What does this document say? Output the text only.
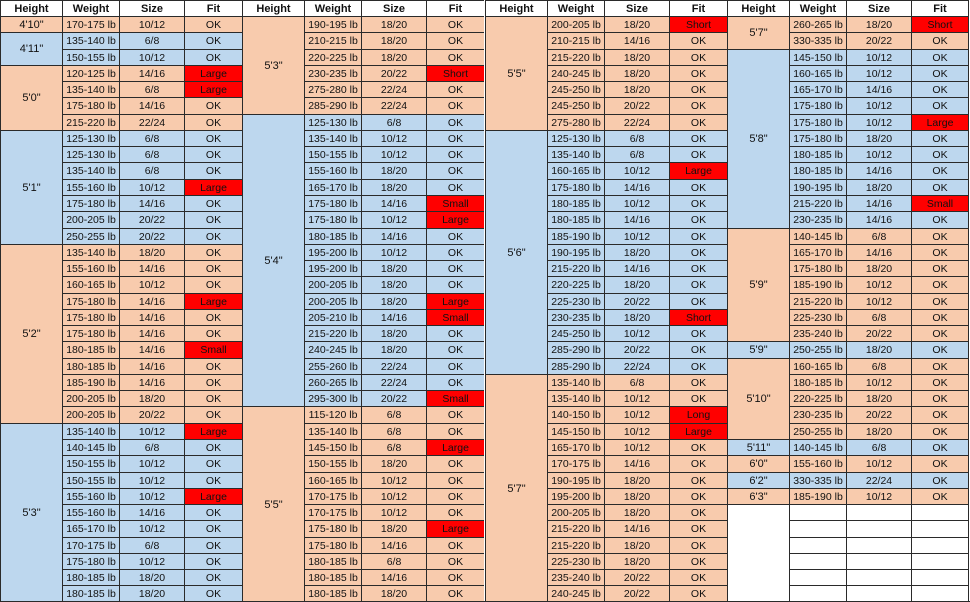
Height	Weight	Size	Fit
4'10"	170-175 lb	10/12	OK
4'11"
135-140 lb	6/8	OK
150-155 lb	10/12	OK
5'0"
120-125 lb	14/16	Large
135-140 lb	6/8	Large
175-180 lb	14/16	OK
215-220 lb	22/24	OK
5'1"
125-130 lb	6/8	OK
125-130 lb	6/8	OK
135-140 lb	6/8	OK
155-160 lb	10/12	Large
175-180 lb	14/16	OK
200-205 lb	20/22	OK
250-255 lb	20/22	OK
5'2"
135-140 lb	18/20	OK
155-160 lb	14/16	OK
160-165 lb	10/12	OK
175-180 lb	14/16	Large
175-180 lb	14/16	OK
175-180 lb	14/16	OK
180-185 lb	14/16	Small
180-185 lb	14/16	OK
185-190 lb	14/16	OK
200-205 lb	18/20	OK
200-205 lb	20/22	OK
5'3"
135-140 lb	10/12	Large
140-145 lb	6/8	OK
150-155 lb	10/12	OK
150-155 lb	10/12	OK
155-160 lb	10/12	Large
155-160 lb	14/16	OK
165-170 lb	10/12	OK
170-175 lb	6/8	OK
175-180 lb	10/12	OK
180-185 lb	18/20	OK
180-185 lb	18/20	OK
Height	Weight	Size	Fit
5'3"
190-195 lb	18/20	OK
210-215 lb	18/20	OK
220-225 lb	18/20	OK
230-235 lb	20/22	Short
275-280 lb	22/24	OK
285-290 lb	22/24	OK
5'4"
125-130 lb	6/8	OK
135-140 lb	10/12	OK
150-155 lb	10/12	OK
155-160 lb	18/20	OK
165-170 lb	18/20	OK
175-180 lb	14/16	Small
175-180 lb	10/12	Large
180-185 lb	14/16	OK
195-200 lb	10/12	OK
195-200 lb	18/20	OK
200-205 lb	18/20	OK
200-205 lb	18/20	Large
205-210 lb	14/16	Small
215-220 lb	18/20	OK
240-245 lb	18/20	OK
255-260 lb	22/24	OK
260-265 lb	22/24	OK
295-300 lb	20/22	Small
5'5"
115-120 lb	6/8	OK
135-140 lb	6/8	OK
145-150 lb	6/8	Large
150-155 lb	18/20	OK
160-165 lb	10/12	OK
170-175 lb	10/12	OK
170-175 lb	10/12	OK
175-180 lb	18/20	Large
175-180 lb	14/16	OK
180-185 lb	6/8	OK
180-185 lb	14/16	OK
180-185 lb	18/20	OK
Height	Weight	Size	Fit
5'5"
200-205 lb	18/20	Short
210-215 lb	14/16	OK
215-220 lb	18/20	OK
240-245 lb	18/20	OK
245-250 lb	18/20	OK
245-250 lb	20/22	OK
275-280 lb	22/24	OK
5'6"
125-130 lb	6/8	OK
135-140 lb	6/8	OK
160-165 lb	10/12	Large
175-180 lb	14/16	OK
180-185 lb	10/12	OK
180-185 lb	14/16	OK
185-190 lb	10/12	OK
190-195 lb	18/20	OK
215-220 lb	14/16	OK
220-225 lb	18/20	OK
225-230 lb	20/22	OK
230-235 lb	18/20	Short
245-250 lb	10/12	OK
285-290 lb	20/22	OK
285-290 lb	22/24	OK
5'7"
135-140 lb	6/8	OK
135-140 lb	10/12	OK
140-150 lb	10/12	Long
145-150 lb	10/12	Large
165-170 lb	10/12	OK
170-175 lb	14/16	OK
190-195 lb	18/20	OK
195-200 lb	18/20	OK
200-205 lb	18/20	OK
215-220 lb	14/16	OK
215-220 lb	18/20	OK
225-230 lb	18/20	OK
235-240 lb	20/22	OK
240-245 lb	20/22	OK
Height	Weight	Size	Fit
5'7"
260-265 lb	18/20	Short
330-335 lb	20/22	OK
5'8"
145-150 lb	10/12	OK
160-165 lb	10/12	OK
165-170 lb	14/16	OK
175-180 lb	10/12	OK
175-180 lb	10/12	Large
175-180 lb	18/20	OK
180-185 lb	10/12	OK
180-185 lb	14/16	OK
190-195 lb	18/20	OK
215-220 lb	14/16	Small
230-235 lb	14/16	OK
5'9"
140-145 lb	6/8	OK
165-170 lb	14/16	OK
175-180 lb	18/20	OK
185-190 lb	10/12	OK
215-220 lb	10/12	OK
225-230 lb	6/8	OK
235-240 lb	20/22	OK
5'9"	250-255 lb	18/20	OK
5'10"
160-165 lb	6/8	OK
180-185 lb	10/12	OK
220-225 lb	18/20	OK
230-235 lb	20/22	OK
250-255 lb	18/20	OK
5'11"	140-145 lb	6/8	OK
6'0"	155-160 lb	10/12	OK
6'2"	330-335 lb	22/24	OK
6'3"	185-190 lb	10/12	OK
